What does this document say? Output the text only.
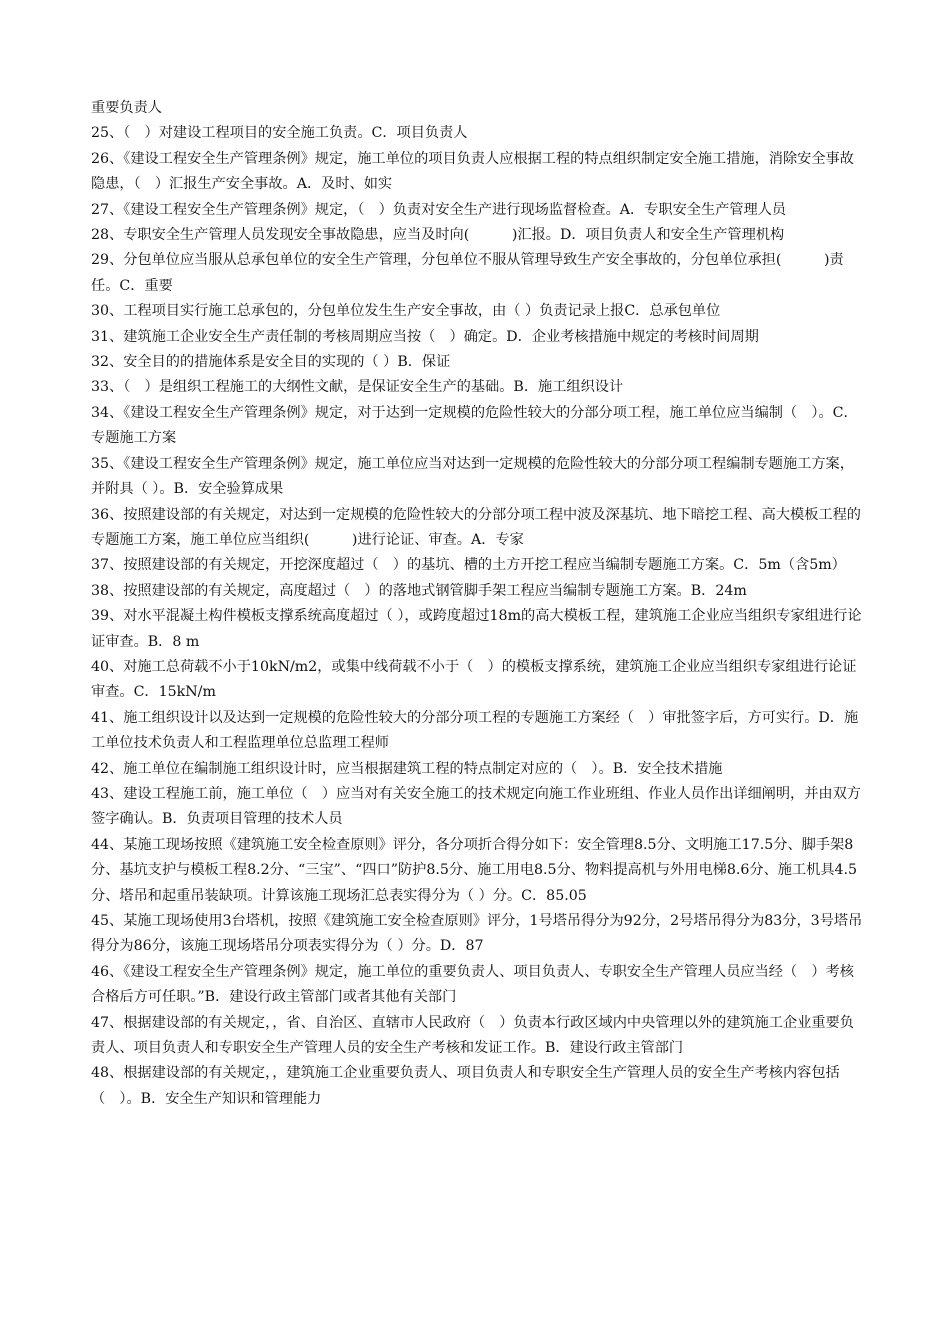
重要负责人

25、（　）对建设工程项目的安全施工负责。C．项目负责人

26、《建设工程安全生产管理条例》规定，施工单位的项目负责人应根据工程的特点组织制定安全施工措施，消除安全事故隐患，（　）汇报生产安全事故。A．及时、如实

27、《建设工程安全生产管理条例》规定，（　）负责对安全生产进行现场监督检查。A．专职安全生产管理人员

28、专职安全生产管理人员发现安全事故隐患，应当及时向(　　　)汇报。D．项目负责人和安全生产管理机构

29、分包单位应当服从总承包单位的安全生产管理，分包单位不服从管理导致生产安全事故的，分包单位承担(　　　)责任。C．重要

30、工程项目实行施工总承包的，分包单位发生生产安全事故，由（ ）负责记录上报C．总承包单位

31、建筑施工企业安全生产责任制的考核周期应当按（　）确定。D．企业考核措施中规定的考核时间周期

32、安全目的的措施体系是安全目的实现的（ ）B．保证

33、（　）是组织工程施工的大纲性文献，是保证安全生产的基础。B．施工组织设计

34、《建设工程安全生产管理条例》规定，对于达到一定规模的危险性较大的分部分项工程，施工单位应当编制（　）。C．专题施工方案

35、《建设工程安全生产管理条例》规定，施工单位应当对达到一定规模的危险性较大的分部分项工程编制专题施工方案，并附具（ ）。B．安全验算成果

36、按照建设部的有关规定，对达到一定规模的危险性较大的分部分项工程中波及深基坑、地下暗挖工程、高大模板工程的专题施工方案，施工单位应当组织(　　　)进行论证、审查。A．专家

37、按照建设部的有关规定，开挖深度超过（　）的基坑、槽的土方开挖工程应当编制专题施工方案。C．5m（含5m）

38、按照建设部的有关规定，高度超过（　）的落地式钢管脚手架工程应当编制专题施工方案。B．24m

39、对水平混凝土构件模板支撑系统高度超过（ ），或跨度超过18m的高大模板工程，建筑施工企业应当组织专家组进行论证审查。B．8 m

40、对施工总荷载不小于10kN/m2，或集中线荷载不小于（　）的模板支撑系统，建筑施工企业应当组织专家组进行论证审查。C．15kN/m

41、施工组织设计以及达到一定规模的危险性较大的分部分项工程的专题施工方案经（　）审批签字后，方可实行。D．施工单位技术负责人和工程监理单位总监理工程师

42、施工单位在编制施工组织设计时，应当根据建筑工程的特点制定对应的（　）。B．安全技术措施

43、建设工程施工前，施工单位（　）应当对有关安全施工的技术规定向施工作业班组、作业人员作出详细阐明，并由双方签字确认。B．负责项目管理的技术人员

44、某施工现场按照《建筑施工安全检查原则》评分，各分项折合得分如下：安全管理8.5分、文明施工17.5分、脚手架8分、基坑支护与模板工程8.2分、“三宝”、“四口”防护8.5分、施工用电8.5分、物料提高机与外用电梯8.6分、施工机具4.5分、塔吊和起重吊装缺项。计算该施工现场汇总表实得分为（ ）分。C．85.05

45、某施工现场使用3台塔机，按照《建筑施工安全检查原则》评分，1号塔吊得分为92分，2号塔吊得分为83分，3号塔吊得分为86分，该施工现场塔吊分项表实得分为（ ）分。D．87

46、《建设工程安全生产管理条例》规定，施工单位的重要负责人、项目负责人、专职安全生产管理人员应当经（　）考核合格后方可任职。”B．建设行政主管部门或者其他有关部门

47、根据建设部的有关规定，，省、自治区、直辖市人民政府（　）负责本行政区域内中央管理以外的建筑施工企业重要负责人、项目负责人和专职安全生产管理人员的安全生产考核和发证工作。B．建设行政主管部门

48、根据建设部的有关规定，，建筑施工企业重要负责人、项目负责人和专职安全生产管理人员的安全生产考核内容包括（　）。B．安全生产知识和管理能力
